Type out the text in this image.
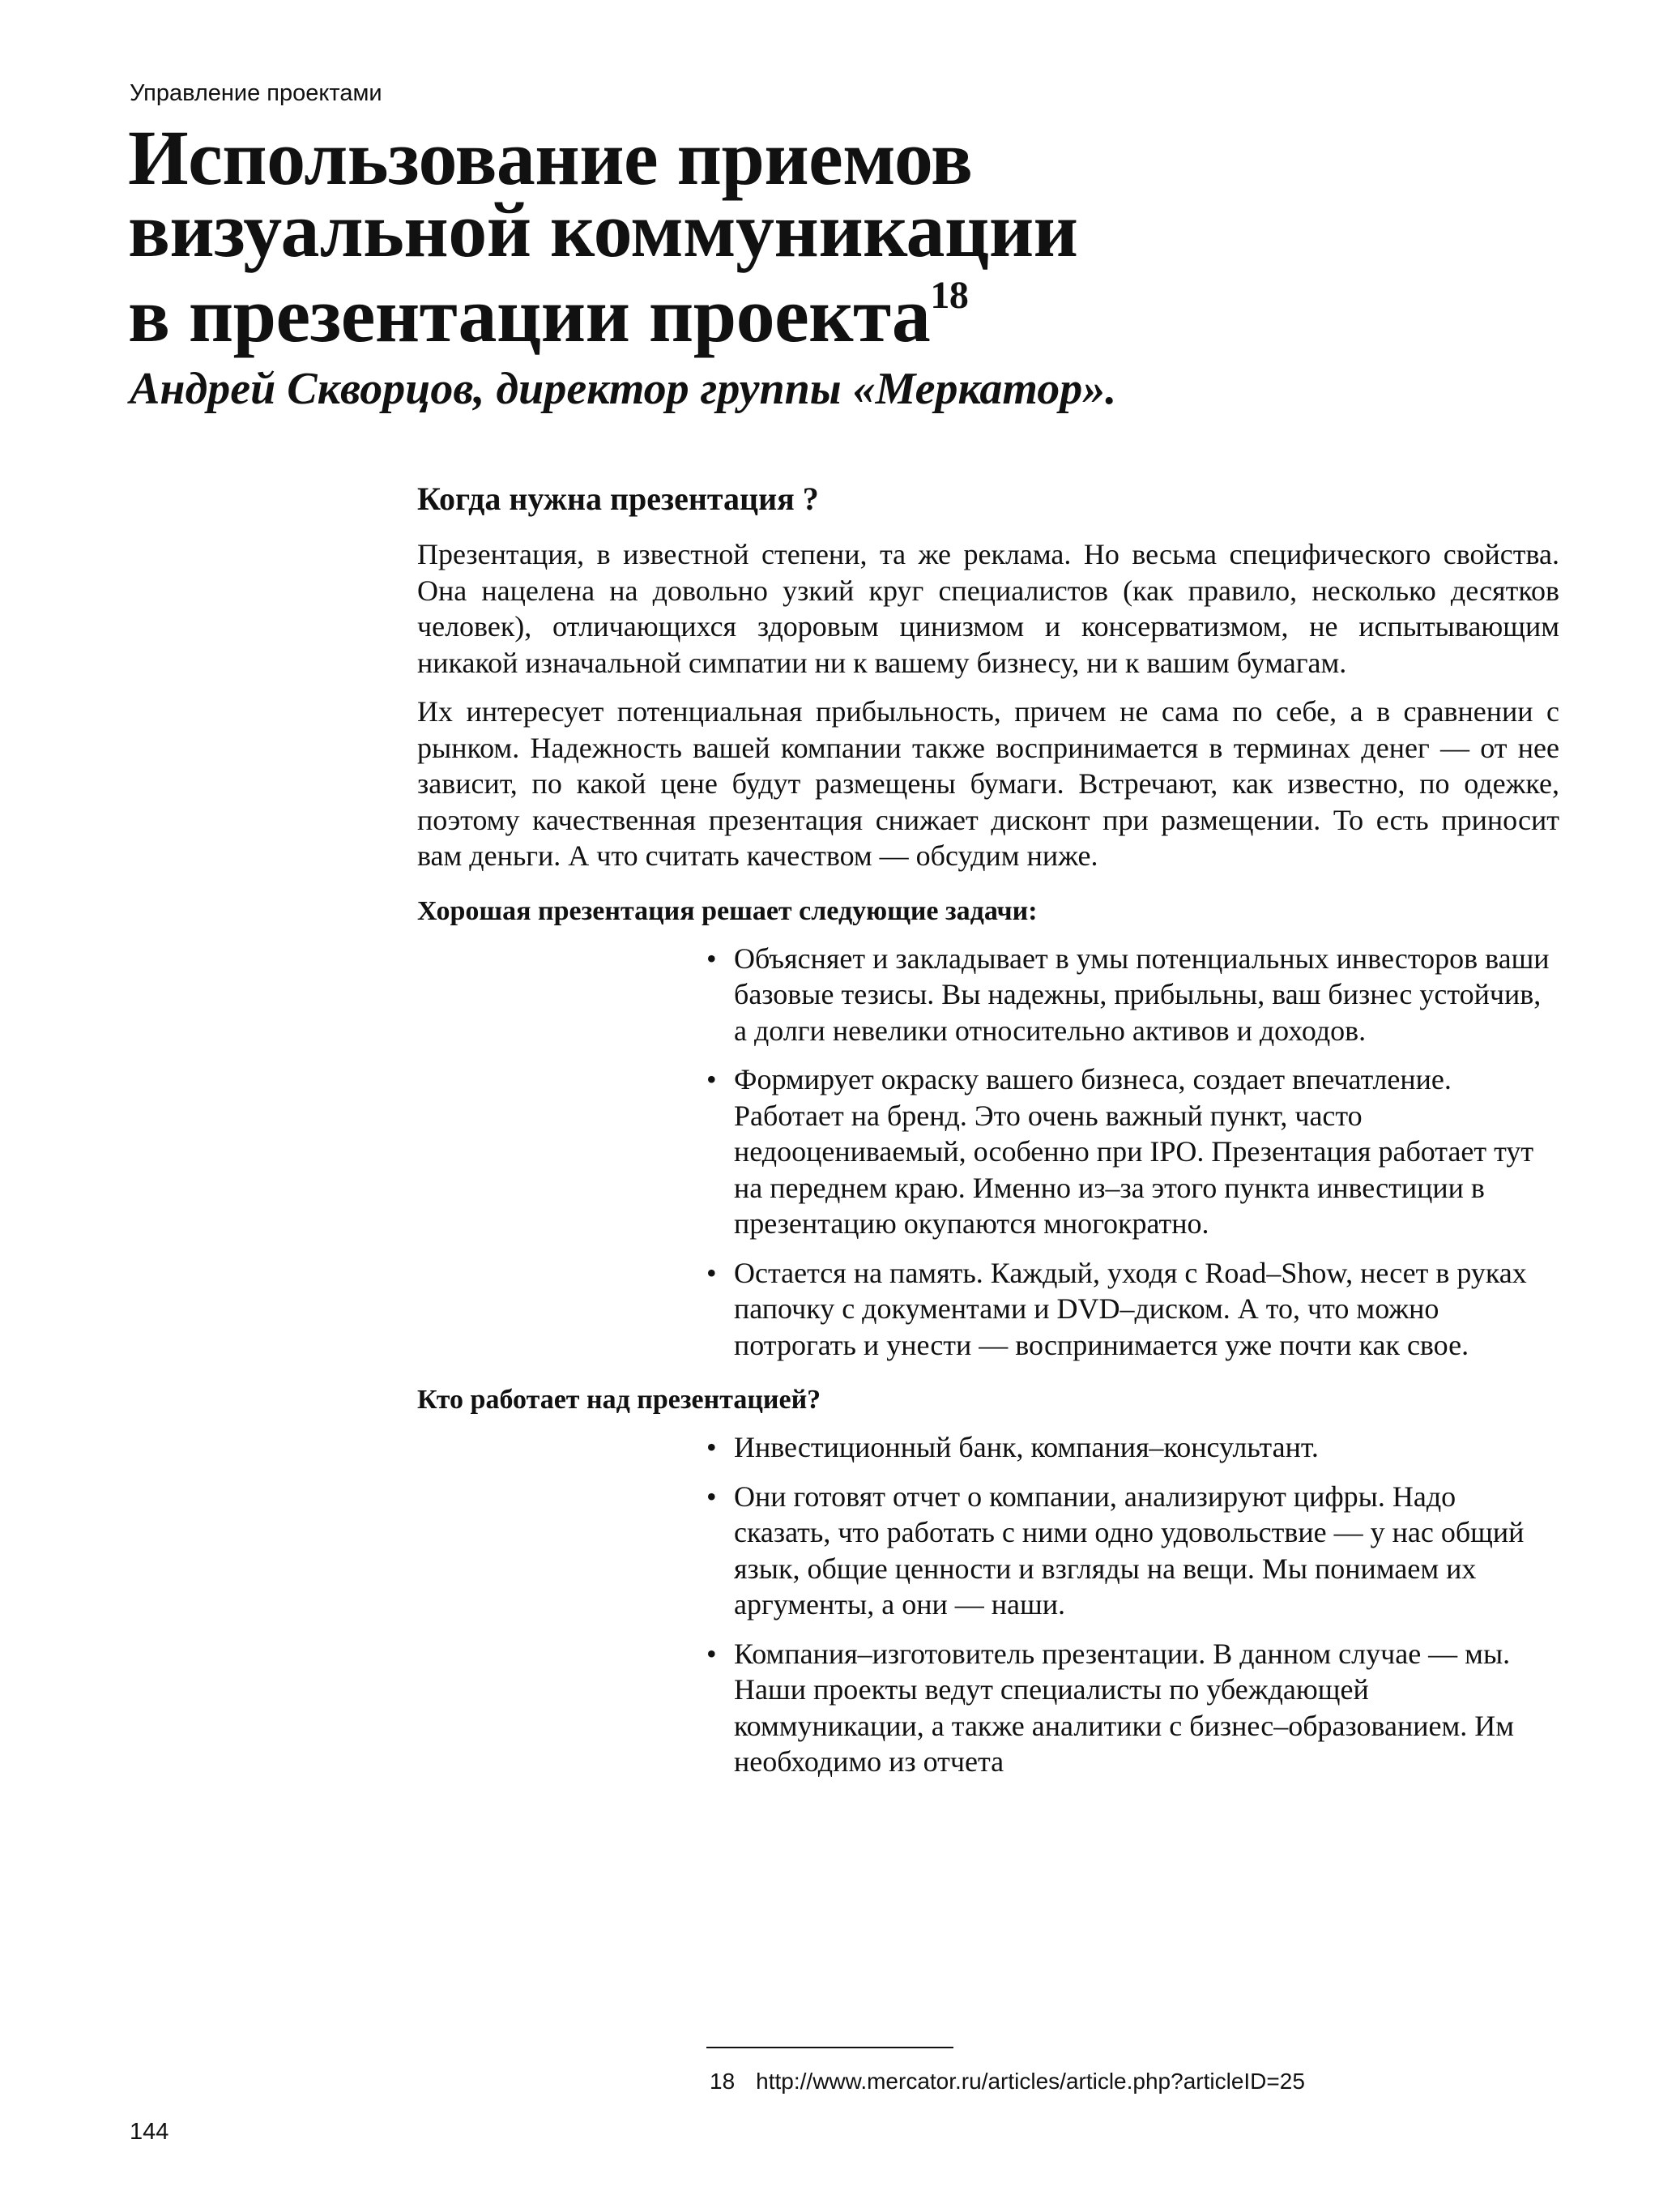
Управление проектами
Использование приемов
визуальной коммуникации
в презентации проекта$^{18}$

Андрей Скворцов, директор группы «Меркатор».

Когда нужна презентация ?

Презентация, в известной степени, та же реклама. Но весьма специфического свойства. Она нацелена на довольно узкий круг специалистов (как правило, несколько десятков человек), отличающихся здоровым цинизмом и консерватизмом, не испытывающим никакой изначальной симпатии ни к вашему бизнесу, ни к вашим бумагам.

Их интересует потенциальная прибыльность, причем не сама по себе, а в сравнении с рынком. Надежность вашей компании также воспринимается в терминах денег — от нее зависит, по какой цене будут размещены бумаги. Встречают, как известно, по одежке, поэтому качественная презентация снижает дисконт при размещении. То есть приносит вам деньги. А что считать качеством — обсудим ниже.

Хорошая презентация решает следующие задачи:
• Объясняет и закладывает в умы потенциальных инвесторов ваши базовые тезисы. Вы надежны, прибыльны, ваш бизнес устойчив, а долги невелики относительно активов и доходов.
• Формирует окраску вашего бизнеса, создает впечатление. Работает на бренд. Это очень важный пункт, часто недооцениваемый, особенно при IPO. Презентация работает тут на переднем краю. Именно из–за этого пункта инвестиции в презентацию окупаются многократно.
• Остается на память. Каждый, уходя с Road–Show, несет в руках папочку с документами и DVD–диском. А то, что можно потрогать и унести — воспринимается уже почти как свое.
Кто работает над презентацией?
• Инвестиционный банк, компания–консультант.
• Они готовят отчет о компании, анализируют цифры. Надо сказать, что работать с ними одно удовольствие — у нас общий язык, общие ценности и взгляды на вещи. Мы понимаем их аргументы, а они — наши.
• Компания–изготовитель презентации. В данном случае — мы. Наши проекты ведут специалисты по убеждающей коммуникации, а также аналитики с бизнес–образованием. Им необходимо из отчета
18 http://www.mercator.ru/articles/article.php?articleID=25
144
